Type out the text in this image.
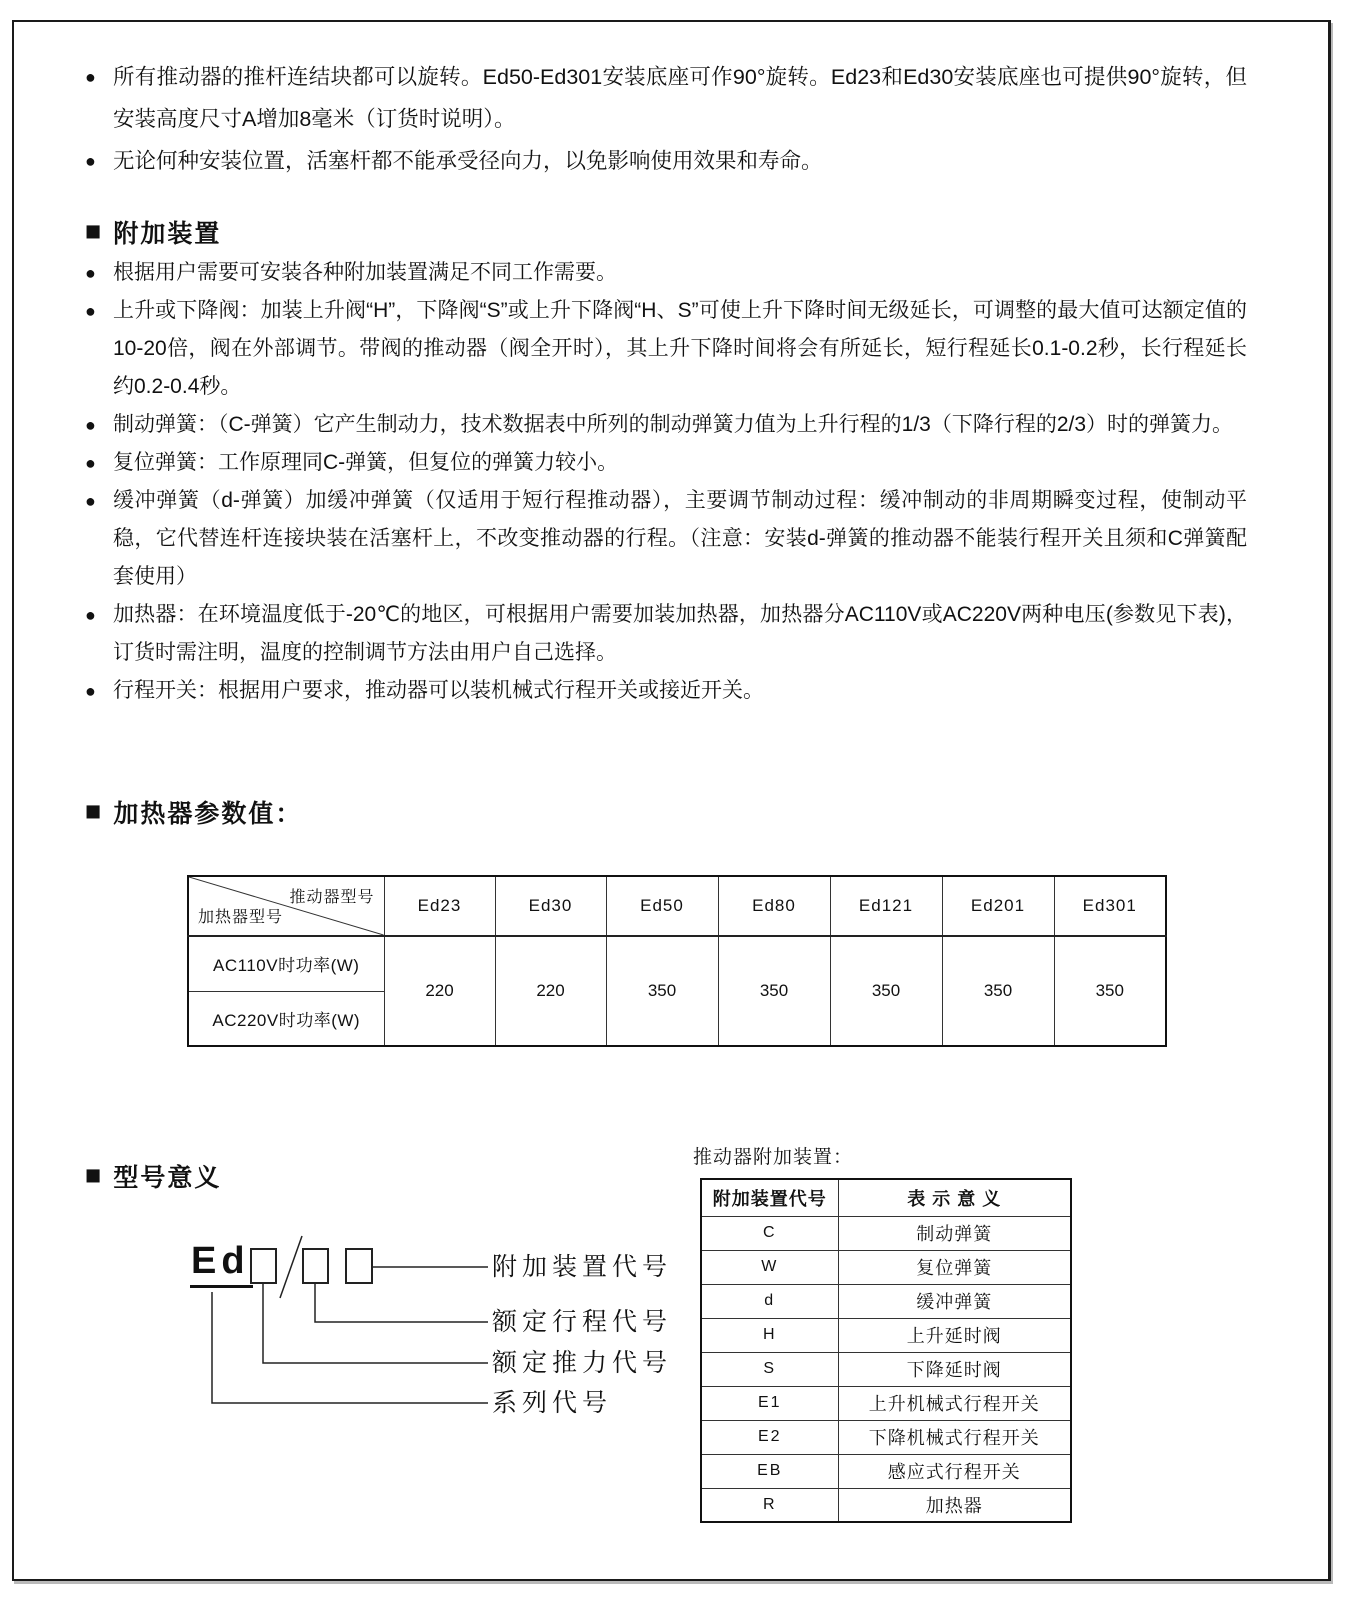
● 所有推动器的推杆连结块都可以旋转。Ed50-Ed301安装底座可作90°旋转。Ed23和Ed30安装底座也可提供90°旋转，但安装高度尺寸A增加8毫米（订货时说明）。
● 无论何种安装位置，活塞杆都不能承受径向力，以免影响使用效果和寿命。
■ 附加装置
● 根据用户需要可安装各种附加装置满足不同工作需要。
● 上升或下降阀：加装上升阀“H”，下降阀“S”或上升下降阀“H、S”可使上升下降时间无级延长，可调整的最大值可达额定值的10-20倍，阀在外部调节。带阀的推动器（阀全开时），其上升下降时间将会有所延长，短行程延长0.1-0.2秒，长行程延长约0.2-0.4秒。
● 制动弹簧：（C-弹簧）它产生制动力，技术数据表中所列的制动弹簧力值为上升行程的1/3（下降行程的2/3）时的弹簧力。
● 复位弹簧：工作原理同C-弹簧，但复位的弹簧力较小。
● 缓冲弹簧（d-弹簧）加缓冲弹簧（仅适用于短行程推动器），主要调节制动过程：缓冲制动的非周期瞬变过程，使制动平稳，它代替连杆连接块装在活塞杆上，不改变推动器的行程。（注意：安装d-弹簧的推动器不能装行程开关且须和C弹簧配套使用）
● 加热器：在环境温度低于-20℃的地区，可根据用户需要加装加热器，加热器分AC110V或AC220V两种电压(参数见下表)，订货时需注明，温度的控制调节方法由用户自己选择。
● 行程开关：根据用户要求，推动器可以装机械式行程开关或接近开关。
■ 加热器参数值：
推动器型号
加热器型号	Ed23	Ed30	Ed50	Ed80	Ed121	Ed201	Ed301
AC110V时功率(W)	220	220	350	350	350	350	350
AC220V时功率(W)							
■ 型号意义
Ed	附加装置代号
额定行程代号
额定推力代号
系列代号
推动器附加装置：
附加装置代号	表 示 意 义
C	制动弹簧
W	复位弹簧
d	缓冲弹簧
H	上升延时阀
S	下降延时阀
E1	上升机械式行程开关
E2	下降机械式行程开关
EB	感应式行程开关
R	加热器
